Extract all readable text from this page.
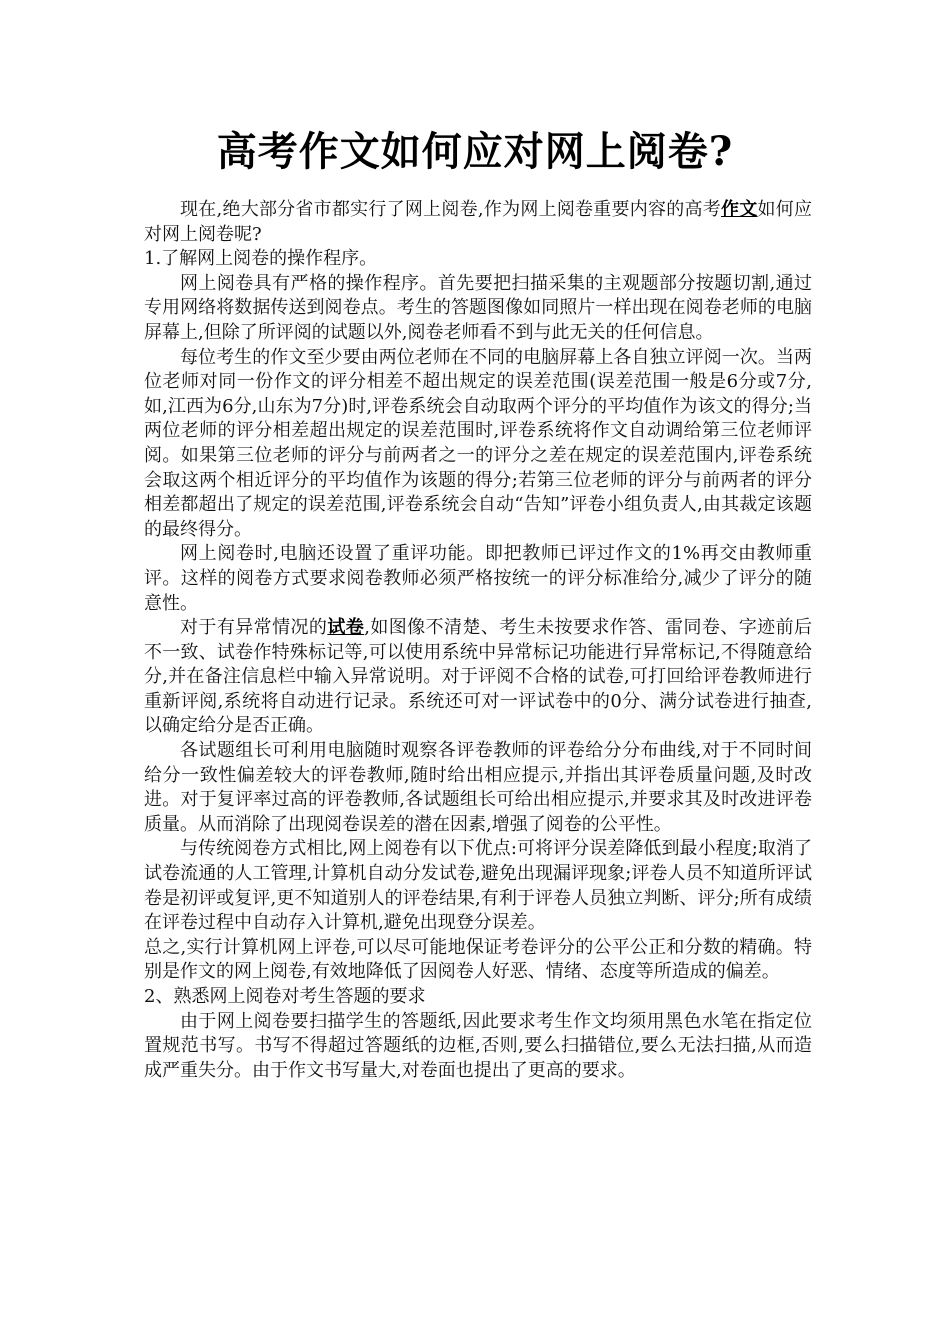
高考作文如何应对网上阅卷?

现在,绝大部分省市都实行了网上阅卷,作为网上阅卷重要内容的高考作文如何应对网上阅卷呢?

1.了解网上阅卷的操作程序。

网上阅卷具有严格的操作程序。首先要把扫描采集的主观题部分按题切割,通过专用网络将数据传送到阅卷点。考生的答题图像如同照片一样出现在阅卷老师的电脑屏幕上,但除了所评阅的试题以外,阅卷老师看不到与此无关的任何信息。

每位考生的作文至少要由两位老师在不同的电脑屏幕上各自独立评阅一次。当两位老师对同一份作文的评分相差不超出规定的误差范围(误差范围一般是6分或7分,如,江西为6分,山东为7分)时,评卷系统会自动取两个评分的平均值作为该文的得分;当两位老师的评分相差超出规定的误差范围时,评卷系统将作文自动调给第三位老师评阅。如果第三位老师的评分与前两者之一的评分之差在规定的误差范围内,评卷系统会取这两个相近评分的平均值作为该题的得分;若第三位老师的评分与前两者的评分相差都超出了规定的误差范围,评卷系统会自动“告知”评卷小组负责人,由其裁定该题的最终得分。

网上阅卷时,电脑还设置了重评功能。即把教师已评过作文的1%再交由教师重评。这样的阅卷方式要求阅卷教师必须严格按统一的评分标准给分,减少了评分的随意性。

对于有异常情况的试卷,如图像不清楚、考生未按要求作答、雷同卷、字迹前后不一致、试卷作特殊标记等,可以使用系统中异常标记功能进行异常标记,不得随意给分,并在备注信息栏中输入异常说明。对于评阅不合格的试卷,可打回给评卷教师进行重新评阅,系统将自动进行记录。系统还可对一评试卷中的0分、满分试卷进行抽查,以确定给分是否正确。

各试题组长可利用电脑随时观察各评卷教师的评卷给分分布曲线,对于不同时间给分一致性偏差较大的评卷教师,随时给出相应提示,并指出其评卷质量问题,及时改进。对于复评率过高的评卷教师,各试题组长可给出相应提示,并要求其及时改进评卷质量。从而消除了出现阅卷误差的潜在因素,增强了阅卷的公平性。

与传统阅卷方式相比,网上阅卷有以下优点:可将评分误差降低到最小程度;取消了试卷流通的人工管理,计算机自动分发试卷,避免出现漏评现象;评卷人员不知道所评试卷是初评或复评,更不知道别人的评卷结果,有利于评卷人员独立判断、评分;所有成绩在评卷过程中自动存入计算机,避免出现登分误差。

总之,实行计算机网上评卷,可以尽可能地保证考卷评分的公平公正和分数的精确。特别是作文的网上阅卷,有效地降低了因阅卷人好恶、情绪、态度等所造成的偏差。

2、熟悉网上阅卷对考生答题的要求

由于网上阅卷要扫描学生的答题纸,因此要求考生作文均须用黑色水笔在指定位置规范书写。书写不得超过答题纸的边框,否则,要么扫描错位,要么无法扫描,从而造成严重失分。由于作文书写量大,对卷面也提出了更高的要求。
